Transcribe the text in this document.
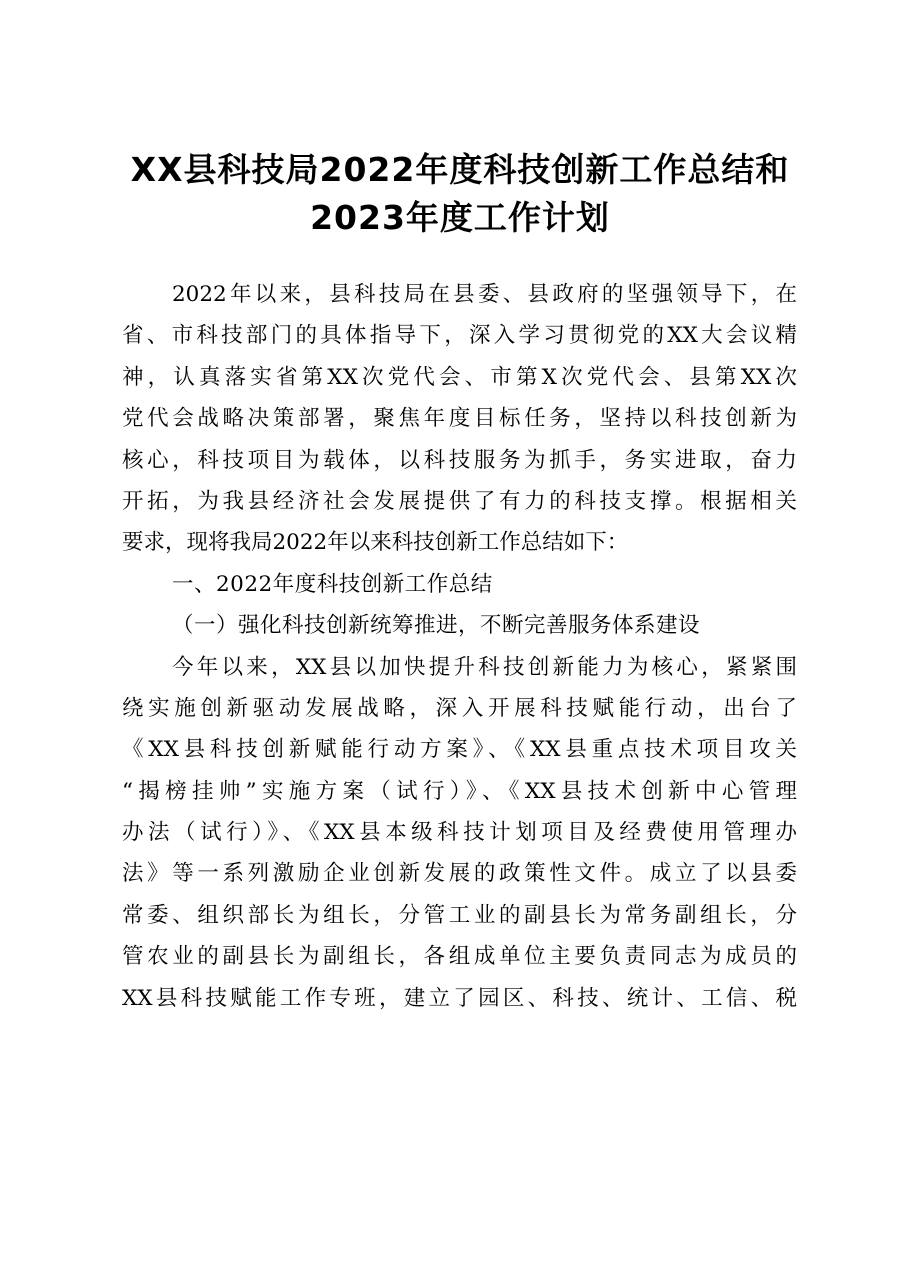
XX县科技局2022年度科技创新工作总结和
2023年度工作计划
2022年以来，县科技局在县委、县政府的坚强领导下，在
省、市科技部门的具体指导下，深入学习贯彻党的XX大会议精
神，认真落实省第XX次党代会、市第X次党代会、县第XX次
党代会战略决策部署，聚焦年度目标任务，坚持以科技创新为
核心，科技项目为载体，以科技服务为抓手，务实进取，奋力
开拓，为我县经济社会发展提供了有力的科技支撑。根据相关
要求，现将我局2022年以来科技创新工作总结如下：
一、2022年度科技创新工作总结
（一）强化科技创新统筹推进，不断完善服务体系建设
今年以来，XX县以加快提升科技创新能力为核心，紧紧围
绕实施创新驱动发展战略，深入开展科技赋能行动，出台了
《XX县科技创新赋能行动方案》、《XX县重点技术项目攻关
“揭榜挂帅”实施方案（试行）》、《XX县技术创新中心管理
办法（试行）》、《XX县本级科技计划项目及经费使用管理办
法》等一系列激励企业创新发展的政策性文件。成立了以县委
常委、组织部长为组长，分管工业的副县长为常务副组长，分
管农业的副县长为副组长，各组成单位主要负责同志为成员的
XX县科技赋能工作专班，建立了园区、科技、统计、工信、税
